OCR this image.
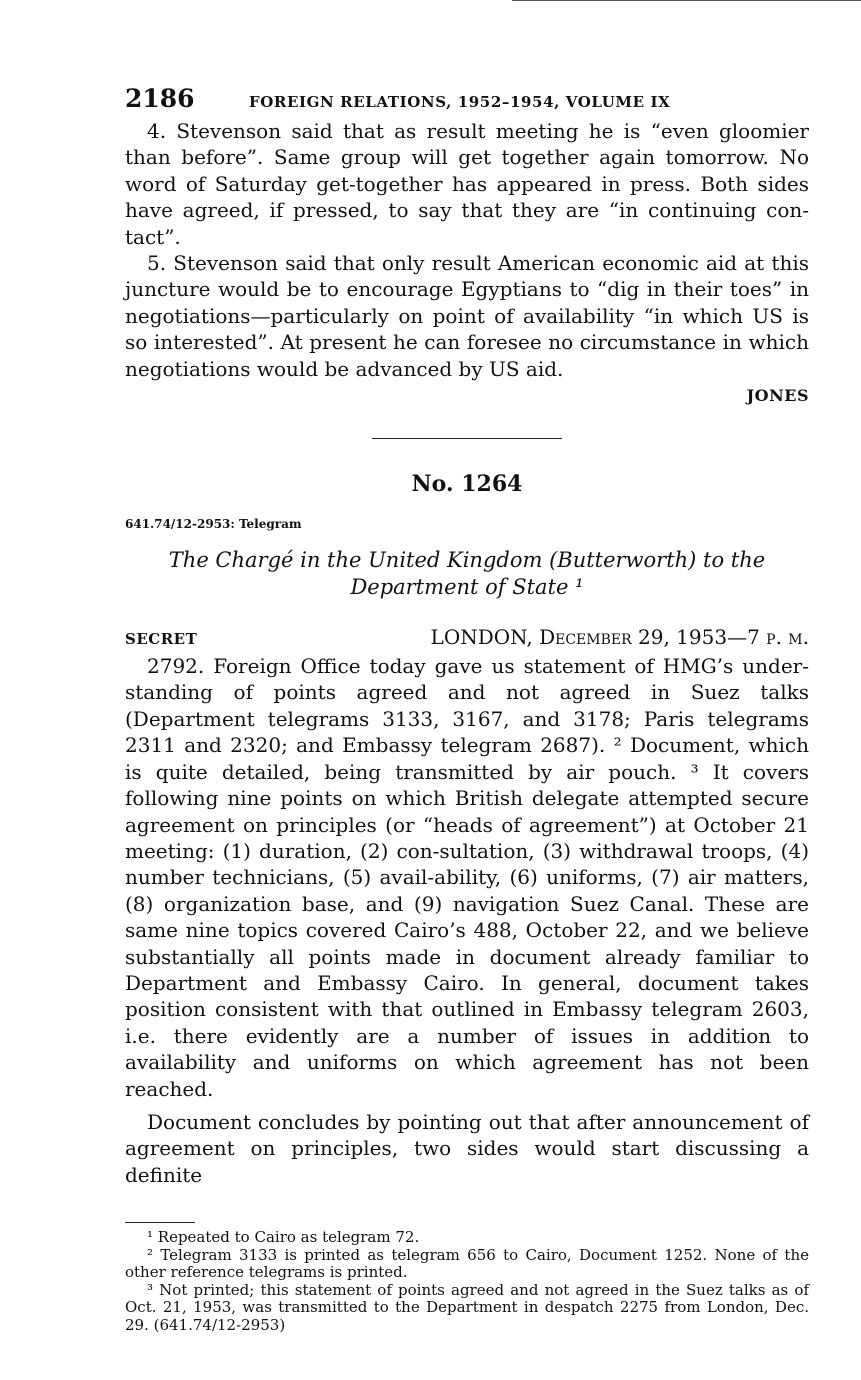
2186	FOREIGN RELATIONS, 1952–1954, VOLUME IX

4. Stevenson said that as result meeting he is “even gloomier than before”. Same group will get together again tomorrow. No word of Saturday get-together has appeared in press. Both sides have agreed, if pressed, to say that they are “in continuing con-tact”.

5. Stevenson said that only result American economic aid at this juncture would be to encourage Egyptians to “dig in their toes” in negotiations—particularly on point of availability “in which US is so interested”. At present he can foresee no circumstance in which negotiations would be advanced by US aid.

JONES
No. 1264
641.74/12-2953: Telegram
The Chargé in the United Kingdom (Butterworth) to the Department of State ¹
SECRET	LONDON, December 29, 1953—7 p. m.

2792. Foreign Office today gave us statement of HMG’s under-standing of points agreed and not agreed in Suez talks (Department telegrams 3133, 3167, and 3178; Paris telegrams 2311 and 2320; and Embassy telegram 2687). ² Document, which is quite detailed, being transmitted by air pouch. ³ It covers following nine points on which British delegate attempted secure agreement on principles (or “heads of agreement”) at October 21 meeting: (1) duration, (2) con-sultation, (3) withdrawal troops, (4) number technicians, (5) avail-ability, (6) uniforms, (7) air matters, (8) organization base, and (9) navigation Suez Canal. These are same nine topics covered Cairo’s 488, October 22, and we believe substantially all points made in document already familiar to Department and Embassy Cairo. In general, document takes position consistent with that outlined in Embassy telegram 2603, i.e. there evidently are a number of issues in addition to availability and uniforms on which agreement has not been reached.

Document concludes by pointing out that after announcement of agreement on principles, two sides would start discussing a definite

¹ Repeated to Cairo as telegram 72.

² Telegram 3133 is printed as telegram 656 to Cairo, Document 1252. None of the other reference telegrams is printed.

³ Not printed; this statement of points agreed and not agreed in the Suez talks as of Oct. 21, 1953, was transmitted to the Department in despatch 2275 from London, Dec. 29. (641.74/12-2953)
